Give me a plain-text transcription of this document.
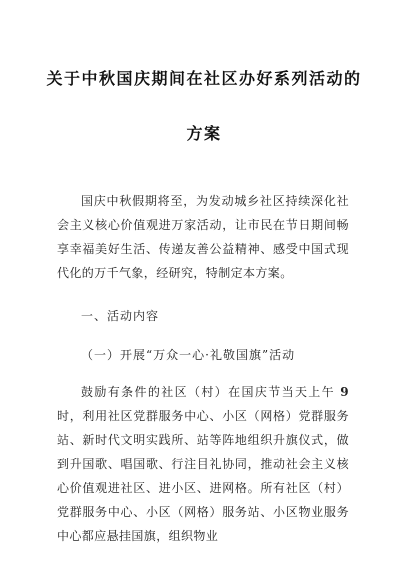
关于中秋国庆期间在社区办好系列活动的
方案
国庆中秋假期将至，为发动城乡社区持续深化社会主义核心价值观进万家活动，让市民在节日期间畅享幸福美好生活、传递友善公益精神、感受中国式现代化的万千气象，经研究，特制定本方案。
一、活动内容
（一）开展“万众一心·礼敬国旗”活动
鼓励有条件的社区（村）在国庆节当天上午 9 时，利用社区党群服务中心、小区（网格）党群服务站、新时代文明实践所、站等阵地组织升旗仪式，做到升国歌、唱国歌、行注目礼协同，推动社会主义核心价值观进社区、进小区、进网格。所有社区（村）党群服务中心、小区（网格）服务站、小区物业服务中心都应悬挂国旗，组织物业
